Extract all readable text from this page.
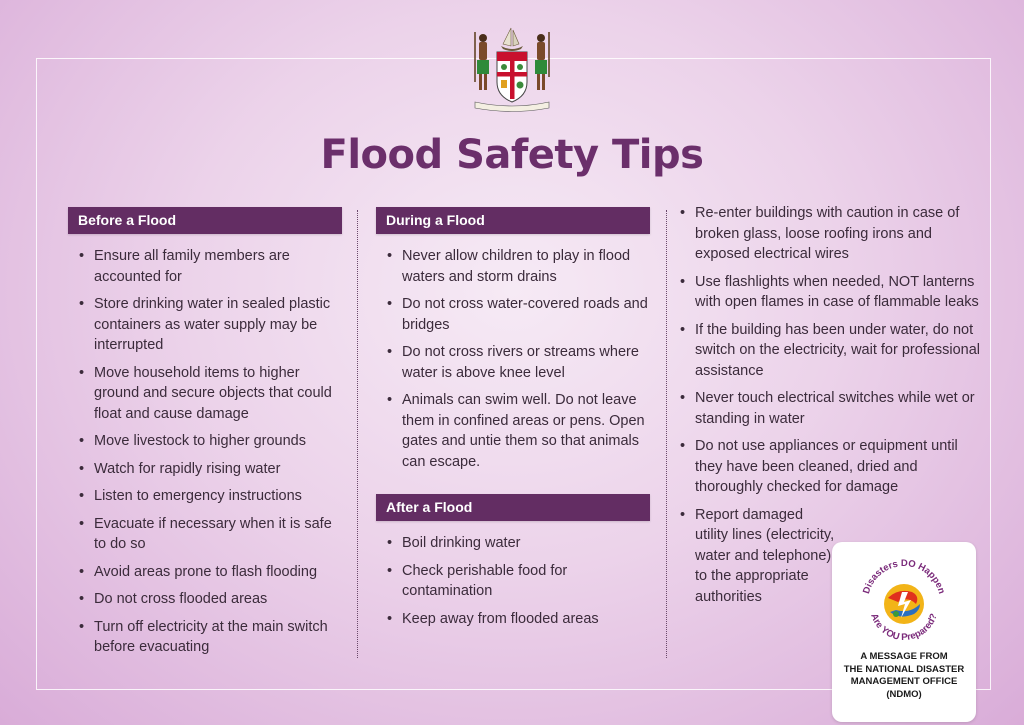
Flood Safety Tips
Before a Flood
• Ensure all family members are accounted for
• Store drinking water in sealed plastic containers as water supply may be interrupted
• Move household items to higher ground and secure objects that could float and cause damage
• Move livestock to higher grounds
• Watch for rapidly rising water
• Listen to emergency instructions
• Evacuate if necessary when it is safe to do so
• Avoid areas prone to flash flooding
• Do not cross flooded areas
• Turn off electricity at the main switch before evacuating
During a Flood
• Never allow children to play in flood waters and storm drains
• Do not cross water-covered roads and bridges
• Do not cross rivers or streams where water is above knee level
• Animals can swim well. Do not leave them in confined areas or pens. Open gates and untie them so that animals can escape.
After a Flood
• Boil drinking water
• Check perishable food for contamination
• Keep away from flooded areas
• Re-enter buildings with caution in case of broken glass, loose roofing irons and exposed electrical wires
• Use flashlights when needed, NOT lanterns with open flames in case of flammable leaks
• If the building has been under water, do not switch on the electricity, wait for professional assistance
• Never touch electrical switches while wet or standing in water
• Do not use appliances or equipment until they have been cleaned, dried and thoroughly checked for damage
• Report damaged utility lines (electricity, water and telephone) to the appropriate authorities	Disasters DO Happen
Are YOU Prepared?
A MESSAGE FROM
THE NATIONAL DISASTER
MANAGEMENT OFFICE
(NDMO)
